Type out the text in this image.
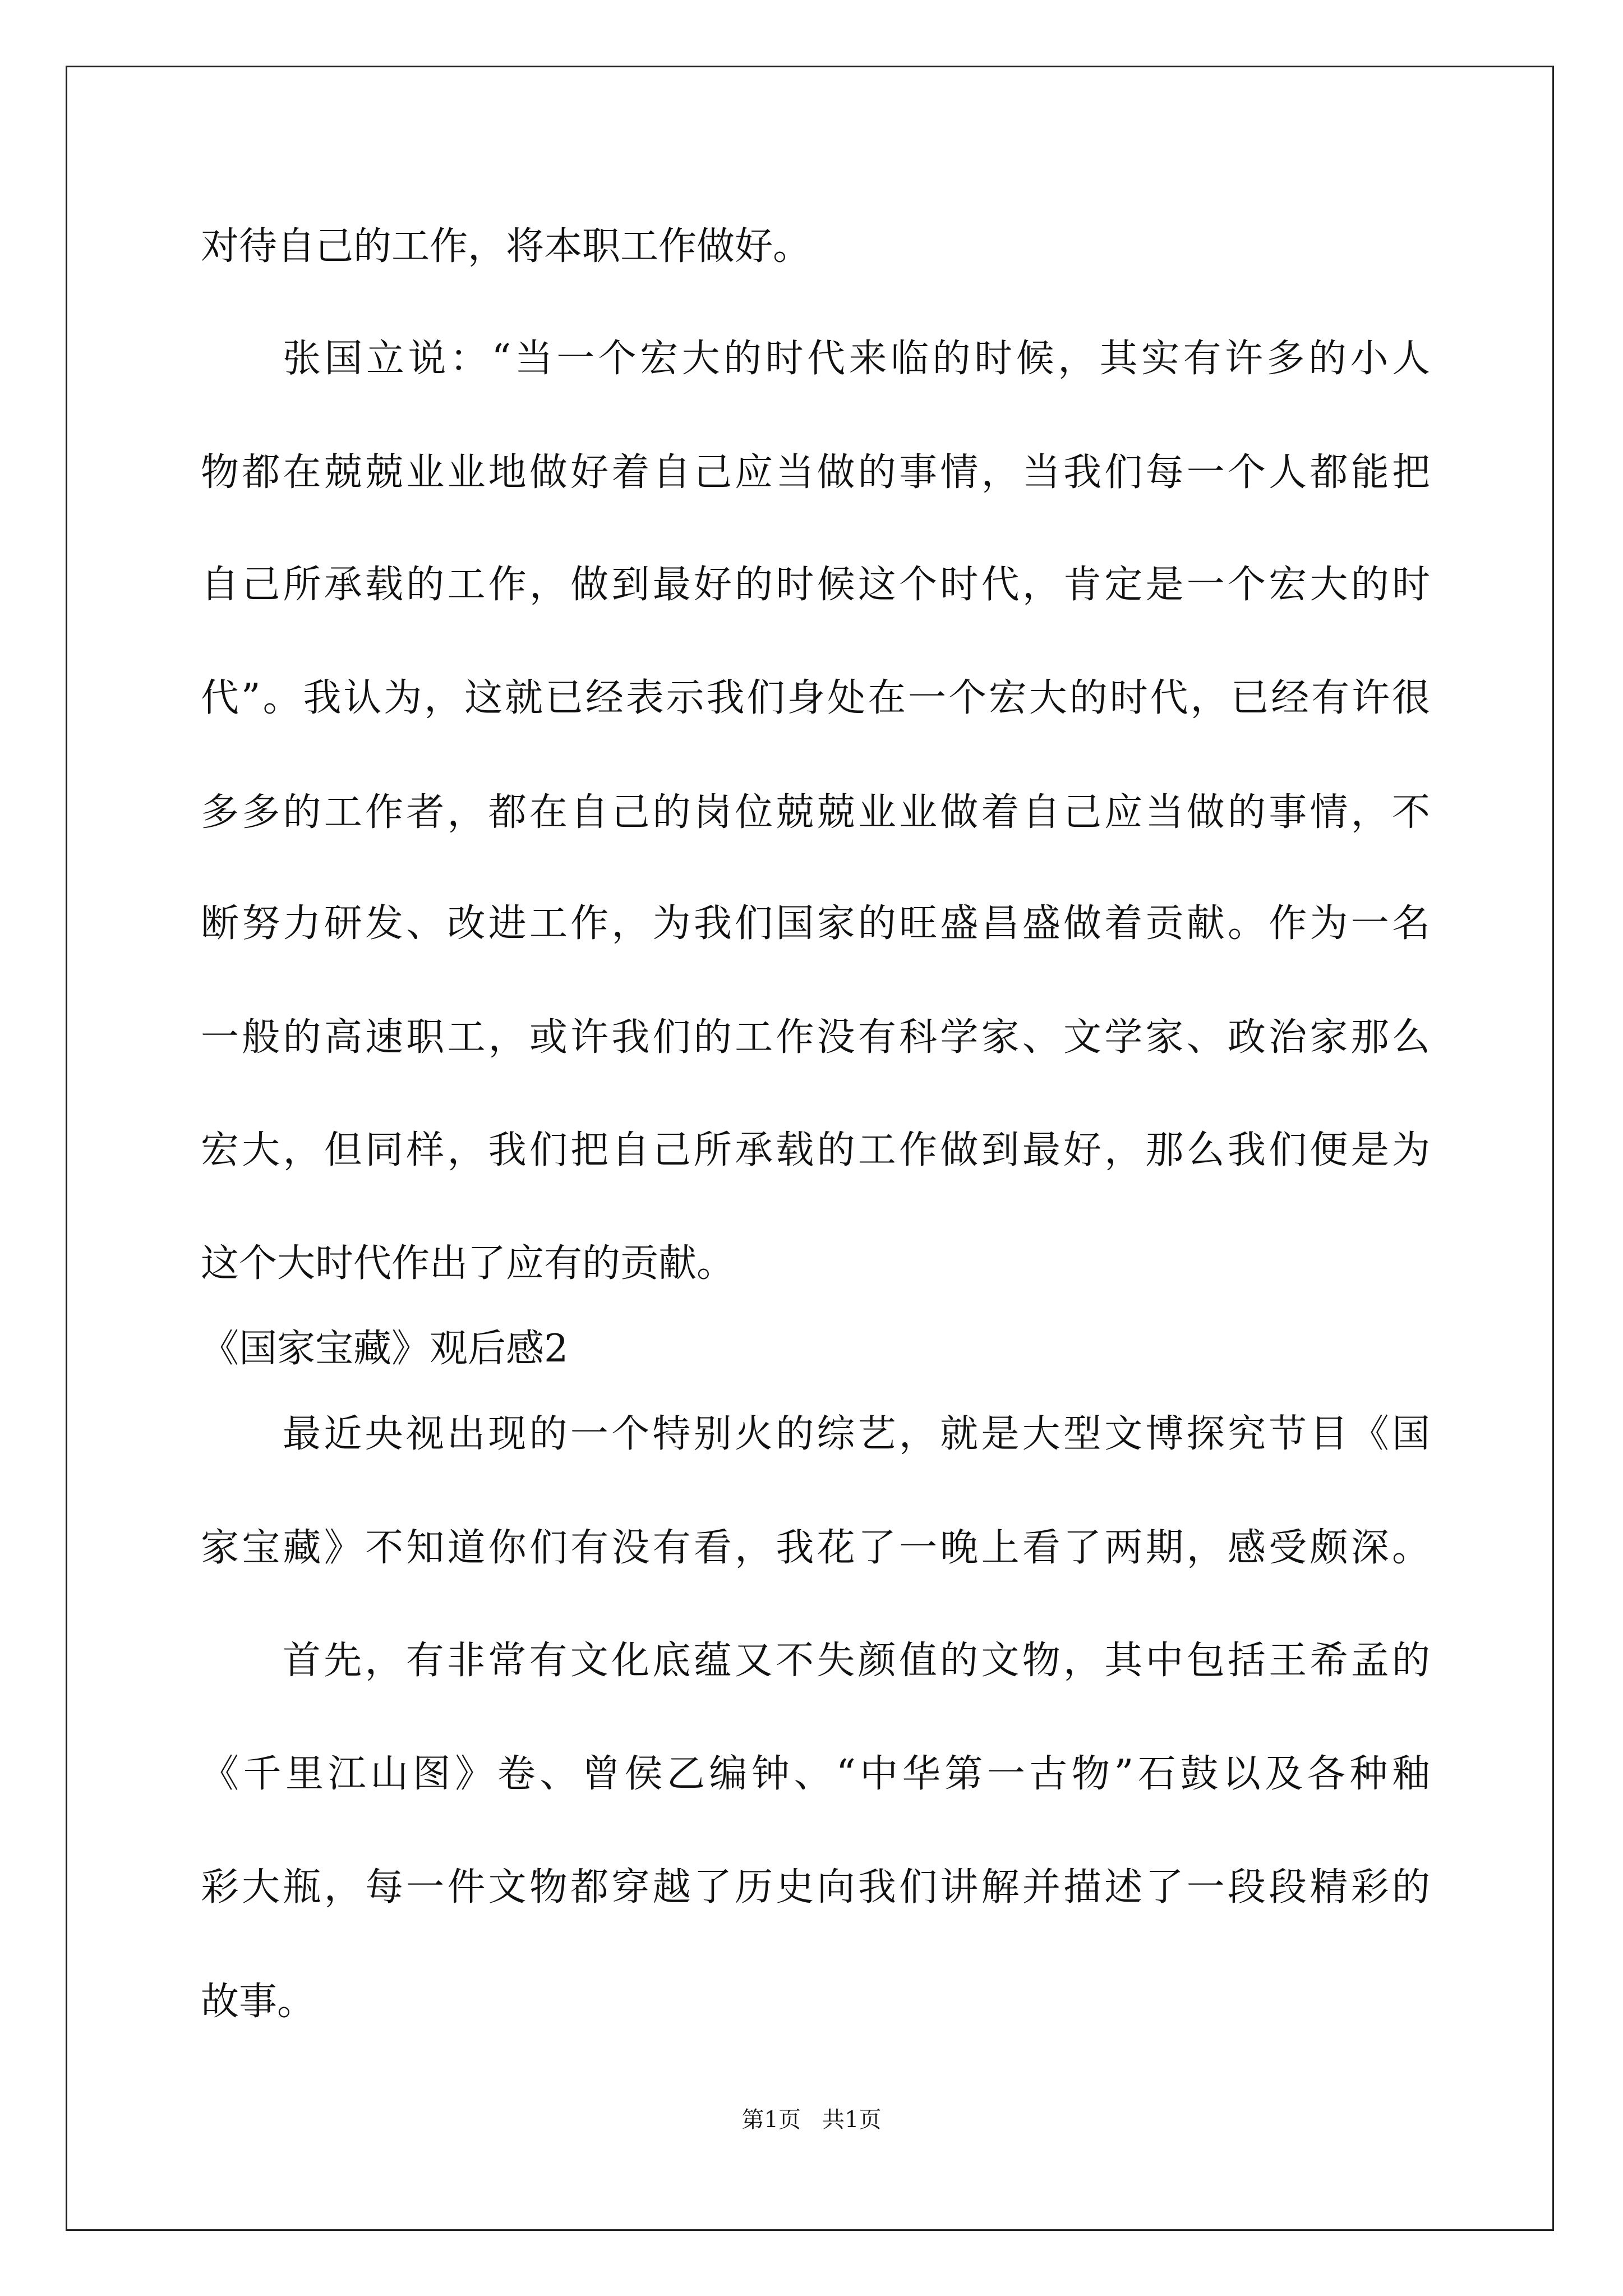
对待自己的工作，将本职工作做好。
张国立说：“当一个宏大的时代来临的时候，其实有许多的小人
物都在兢兢业业地做好着自己应当做的事情，当我们每一个人都能把
自己所承载的工作，做到最好的时候这个时代，肯定是一个宏大的时
代”。我认为，这就已经表示我们身处在一个宏大的时代，已经有许很
多多的工作者，都在自己的岗位兢兢业业做着自己应当做的事情，不
断努力研发、改进工作，为我们国家的旺盛昌盛做着贡献。作为一名
一般的高速职工，或许我们的工作没有科学家、文学家、政治家那么
宏大，但同样，我们把自己所承载的工作做到最好，那么我们便是为
这个大时代作出了应有的贡献。
《国家宝藏》观后感2
最近央视出现的一个特别火的综艺，就是大型文博探究节目《国
家宝藏》不知道你们有没有看，我花了一晚上看了两期，感受颇深。
首先，有非常有文化底蕴又不失颜值的文物，其中包括王希孟的
《千里江山图》卷、曾侯乙编钟、“中华第一古物”石鼓以及各种釉
彩大瓶，每一件文物都穿越了历史向我们讲解并描述了一段段精彩的
故事。
第1页 共1页
